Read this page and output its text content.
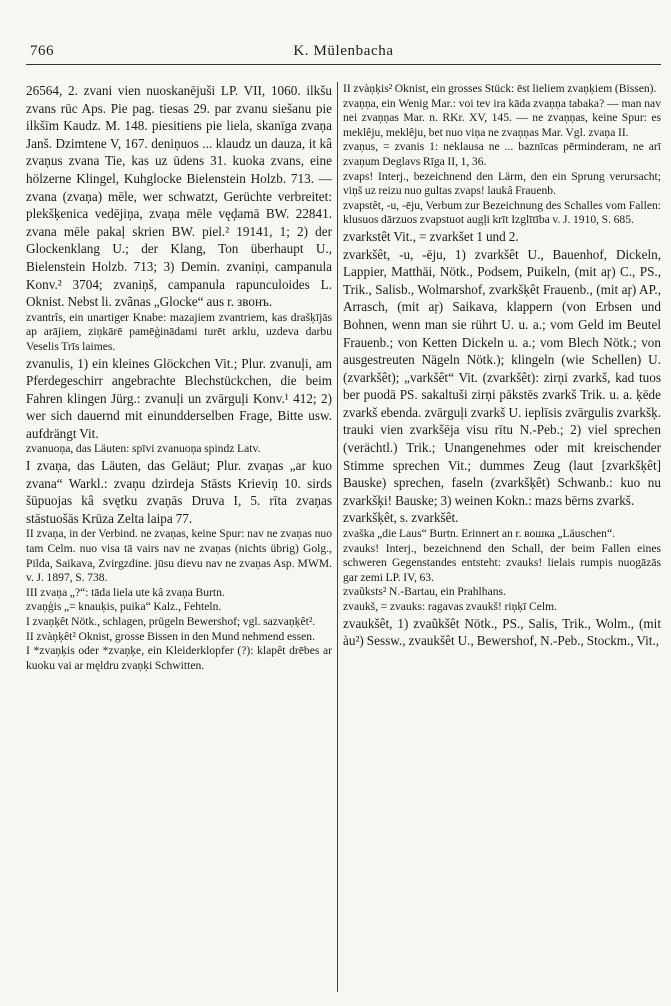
766	K. Mülenbacha

26564, 2. zvani vien nuoskanējuši LP. VII, 1060. ilkšu zvans rūc Aps. Pie pag. tiesas 29. par zvanu siešanu pie ilkšīm Kaudz. M. 148. piesitiens pie liela, skanīga zvaņa Janš. Dzimtene V, 167. deniņuos ... klaudz un dauza, it kâ zvaņus zvana Tie, kas uz ūdens 31. kuoka zvans, eine hölzerne Klingel, Kuhglocke Bielenstein Holzb. 713. — zvana (zvaņa) mēle, wer schwatzt, Gerüchte verbreitet: plekšķenica vedējiņa, zvaņa mēle vęḑamā BW. 22841. zvana mēle pakaļ skrien BW. piel.² 19141, 1; 2) der Glockenklang U.; der Klang, Ton überhaupt U., Bielenstein Holzb. 713; 3) Demin. zvaniņi, campanula Konv.² 3704; zvaniņš, campanula rapunculoides L. Oknist. Nebst li. zvãnas „Glocke“ aus r. звонъ.

zvantrîs, ein unartiger Knabe: mazajiem zvantriem, kas drašķījās ap arājiem, ziņkārē pamēģinādami turēt arklu, uzdeva darbu Veselis Trīs laimes.

zvanulis, 1) ein kleines Glöckchen Vit.; Plur. zvanuļi, am Pferdegeschirr angebrachte Blechstückchen, die beim Fahren klingen Jürg.: zvanuļi un zvārguļi Konv.¹ 412; 2) wer sich dauernd mit einundderselben Frage, Bitte usw. aufdrängt Vit.

zvanuoņa, das Läuten: spīvi zvanuoņa spindz Latv.

I zvaņa, das Läuten, das Geläut; Plur. zvaņas „ar kuo zvana“ Warkl.: zvaņu dzirdeja Stāsts Krieviņ 10. sirds šūpuojas kâ svętku zvaņās Druva I, 5. rīta zvaņas stāstuošās Krūza Zelta laipa 77.

II zvaņa, in der Verbind. ne zvaņas, keine Spur: nav ne zvaņas nuo tam Celm. nuo visa tā vairs nav ne zvaņas (nichts übrig) Golg., Pilda, Saikava, Zvirgzdine. jūsu dievu nav ne zvaņas Asp. MWM. v. J. 1897, S. 738.

III zvaņa „?“: tāda liela ute kâ zvaņa Burtn.

zvaņģis „= knauķis, puika“ Kalz., Fehteln.

I zvaņķêt Nötk., schlagen, prügeln Bewershof; vgl. sazvaņķêt².

II zvàņķêt² Oknist, grosse Bissen in den Mund nehmend essen.

I *zvaņķis oder *zvaņķe, ein Kleiderklopfer (?): klapêt drēbes ar kuoku vai ar męldru zvaņķi Schwitten.

II zvàņķis² Oknist, ein grosses Stück: ēst lieliem zvaņķiem (Bissen).

zvaņņa, ein Wenig Mar.: voi tev ira kāda zvaņņa tabaka? — man nav nei zvaņņas Mar. n. RKr. XV, 145. — ne zvaņņas, keine Spur: es meklêju, meklêju, bet nuo viņa ne zvaņņas Mar. Vgl. zvaņa II.

zvaņus, = zvanis 1: neklausa ne ... baznīcas pērminderam, ne arī zvaņum Deglavs Rīga II, 1, 36.

zvaps! Interj., bezeichnend den Lärm, den ein Sprung verursacht; viņš uz reizu nuo gultas zvaps! laukâ Frauenb.

zvapstêt, -u, -ēju, Verbum zur Bezeichnung des Schalles vom Fallen: klusuos dārzuos zvapstuot augļi krīt Izglītība v. J. 1910, S. 685.

zvarkstêt Vit., = zvarkšet 1 und 2.

zvarkšêt, -u, -ēju, 1) zvarkšêt U., Bauenhof, Dickeln, Lappier, Matthäi, Nötk., Podsem, Puikeln, (mit aŗ) C., PS., Trik., Salisb., Wolmarshof, zvarkšķêt Frauenb., (mit aŗ) AP., Arrasch, (mit aŗ) Saikava, klappern (von Erbsen und Bohnen, wenn man sie rührt U. u. a.; vom Geld im Beutel Frauenb.; von Ketten Dickeln u. a.; vom Blech Nötk.; von ausgestreuten Nägeln Nötk.); klingeln (wie Schellen) U. (zvarkšêt); „varkšêt“ Vit. (zvarkšêt): zirņi zvarkš, kad tuos ber puodā PS. sakaltuši zirņi pākstēs zvarkš Trik. u. a. ķēde zvarkš ebenda. zvārguļi zvarkš U. ieplīsis zvārgulis zvarkšķ. trauki vien zvarkšēja visu rītu N.-Peb.; 2) viel sprechen (verächtl.) Trik.; Unangenehmes oder mit kreischender Stimme sprechen Vit.; dummes Zeug (laut [zvarkšķêt] Bauske) sprechen, faseln (zvarkšķêt) Schwanb.: kuo nu zvarkšķi! Bauske; 3) weinen Kokn.: mazs bērns zvarkš.

zvarkšķêt, s. zvarkšêt.

zvaška „die Laus“ Burtn. Erinnert an r. вошка „Läuschen“.

zvauks! Interj., bezeichnend den Schall, der beim Fallen eines schweren Gegenstandes entsteht: zvauks! lielais rumpis nuogāzās gar zemi LP. IV, 63.

zvaũksts² N.-Bartau, ein Prahlhans.

zvaukš, = zvauks: ragavas zvaukš! riņķī Celm.

zvaukšêt, 1) zvaũkšêt Nötk., PS., Salis, Trik., Wolm., (mit àu²) Sessw., zvaukšêt U., Bewershof, N.-Peb., Stockm., Vit.,
